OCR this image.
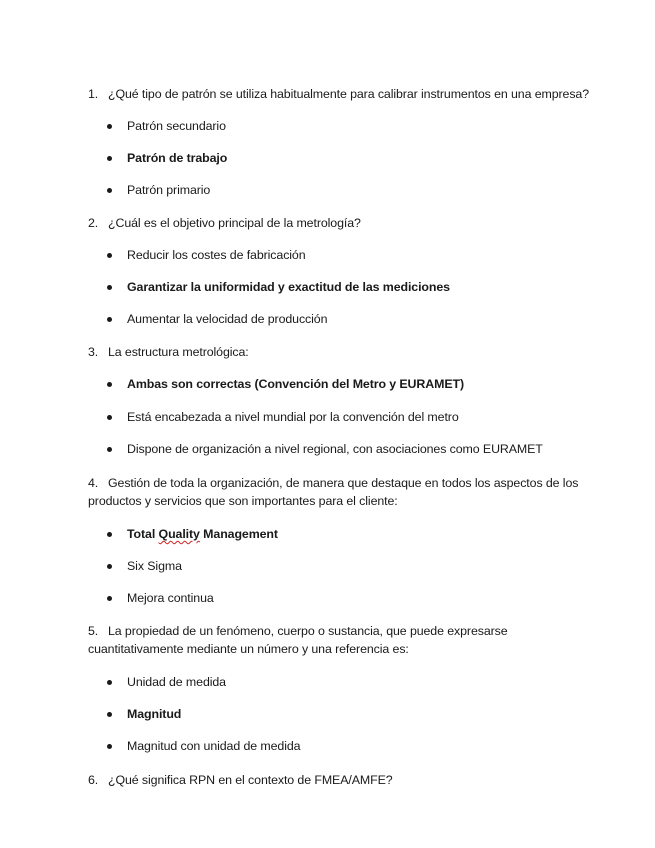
1. ¿Qué tipo de patrón se utiliza habitualmente para calibrar instrumentos en una empresa?
Patrón secundario
Patrón de trabajo
Patrón primario
2. ¿Cuál es el objetivo principal de la metrología?
Reducir los costes de fabricación
Garantizar la uniformidad y exactitud de las mediciones
Aumentar la velocidad de producción
3. La estructura metrológica:
Ambas son correctas (Convención del Metro y EURAMET)
Está encabezada a nivel mundial por la convención del metro
Dispone de organización a nivel regional, con asociaciones como EURAMET
4. Gestión de toda la organización, de manera que destaque en todos los aspectos de los
productos y servicios que son importantes para el cliente:
Total Quality Management
Six Sigma
Mejora continua
5. La propiedad de un fenómeno, cuerpo o sustancia, que puede expresarse
cuantitativamente mediante un número y una referencia es:
Unidad de medida
Magnitud
Magnitud con unidad de medida
6. ¿Qué significa RPN en el contexto de FMEA/AMFE?
